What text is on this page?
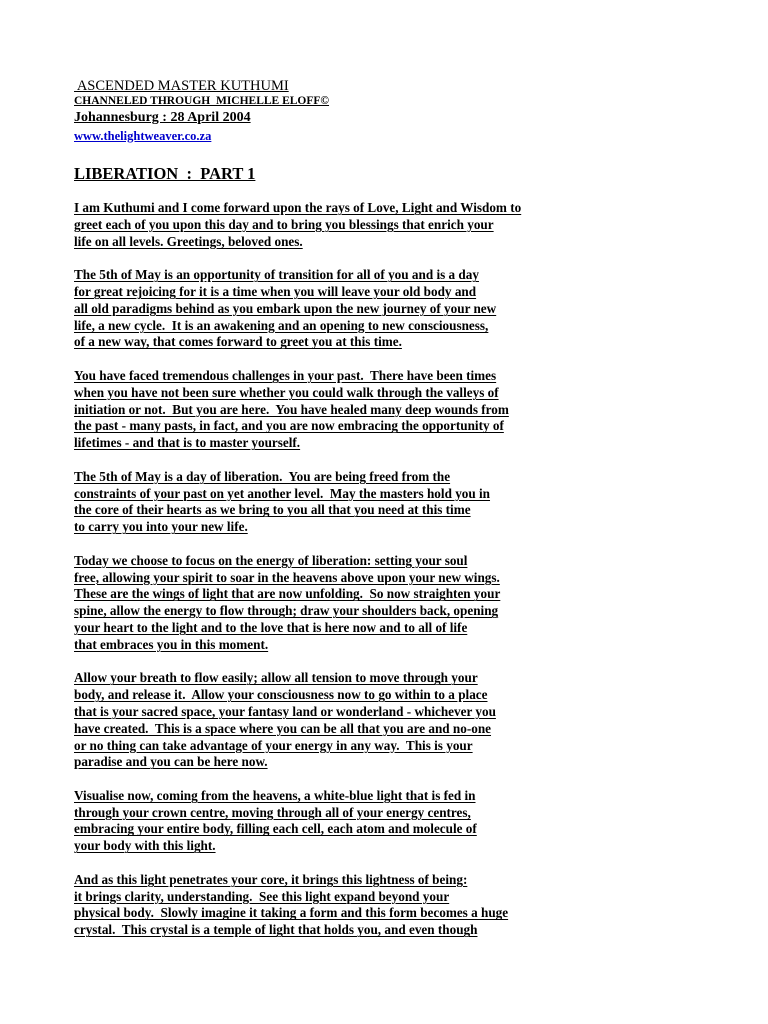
ASCENDED MASTER KUTHUMI
CHANNELED THROUGH  MICHELLE ELOFF©
Johannesburg : 28 April 2004
www.thelightweaver.co.za
LIBERATION  :  PART 1
I am Kuthumi and I come forward upon the rays of Love, Light and Wisdom to
greet each of you upon this day and to bring you blessings that enrich your
life on all levels. Greetings, beloved ones.
The 5th of May is an opportunity of transition for all of you and is a day
for great rejoicing for it is a time when you will leave your old body and
all old paradigms behind as you embark upon the new journey of your new
life, a new cycle.  It is an awakening and an opening to new consciousness,
of a new way, that comes forward to greet you at this time.
You have faced tremendous challenges in your past.  There have been times
when you have not been sure whether you could walk through the valleys of
initiation or not.  But you are here.  You have healed many deep wounds from
the past - many pasts, in fact, and you are now embracing the opportunity of
lifetimes - and that is to master yourself.
The 5th of May is a day of liberation.  You are being freed from the
constraints of your past on yet another level.  May the masters hold you in
the core of their hearts as we bring to you all that you need at this time
to carry you into your new life.
Today we choose to focus on the energy of liberation: setting your soul
free, allowing your spirit to soar in the heavens above upon your new wings.
These are the wings of light that are now unfolding.  So now straighten your
spine, allow the energy to flow through; draw your shoulders back, opening
your heart to the light and to the love that is here now and to all of life
that embraces you in this moment.
Allow your breath to flow easily; allow all tension to move through your
body, and release it.  Allow your consciousness now to go within to a place
that is your sacred space, your fantasy land or wonderland - whichever you
have created.  This is a space where you can be all that you are and no-one
or no thing can take advantage of your energy in any way.  This is your
paradise and you can be here now.
Visualise now, coming from the heavens, a white-blue light that is fed in
through your crown centre, moving through all of your energy centres,
embracing your entire body, filling each cell, each atom and molecule of
your body with this light.
And as this light penetrates your core, it brings this lightness of being:
it brings clarity, understanding.  See this light expand beyond your
physical body.  Slowly imagine it taking a form and this form becomes a huge
crystal.  This crystal is a temple of light that holds you, and even though
